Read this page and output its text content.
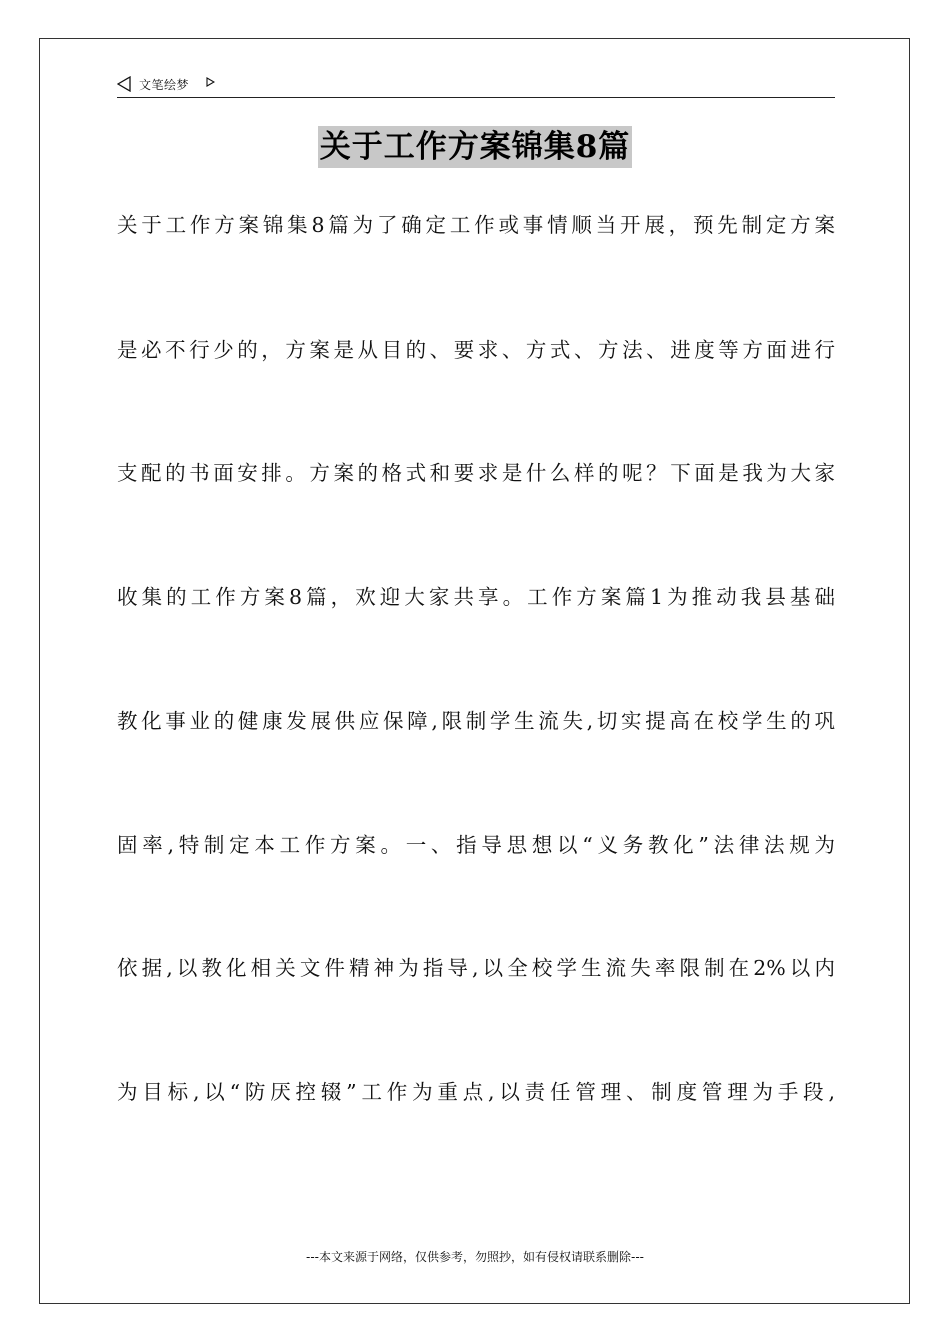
文笔绘梦
关于工作方案锦集8篇
关于工作方案锦集8篇为了确定工作或事情顺当开展，预先制定方案
是必不行少的，方案是从目的、要求、方式、方法、进度等方面进行
支配的书面安排。方案的格式和要求是什么样的呢？下面是我为大家
收集的工作方案8篇，欢迎大家共享。工作方案篇1为推动我县基础
教化事业的健康发展供应保障,限制学生流失,切实提高在校学生的巩
固率,特制定本工作方案。一、指导思想以“义务教化”法律法规为
依据,以教化相关文件精神为指导,以全校学生流失率限制在2%以内
为目标,以“防厌控辍”工作为重点,以责任管理、制度管理为手段,
---本文来源于网络，仅供参考，勿照抄，如有侵权请联系删除---
